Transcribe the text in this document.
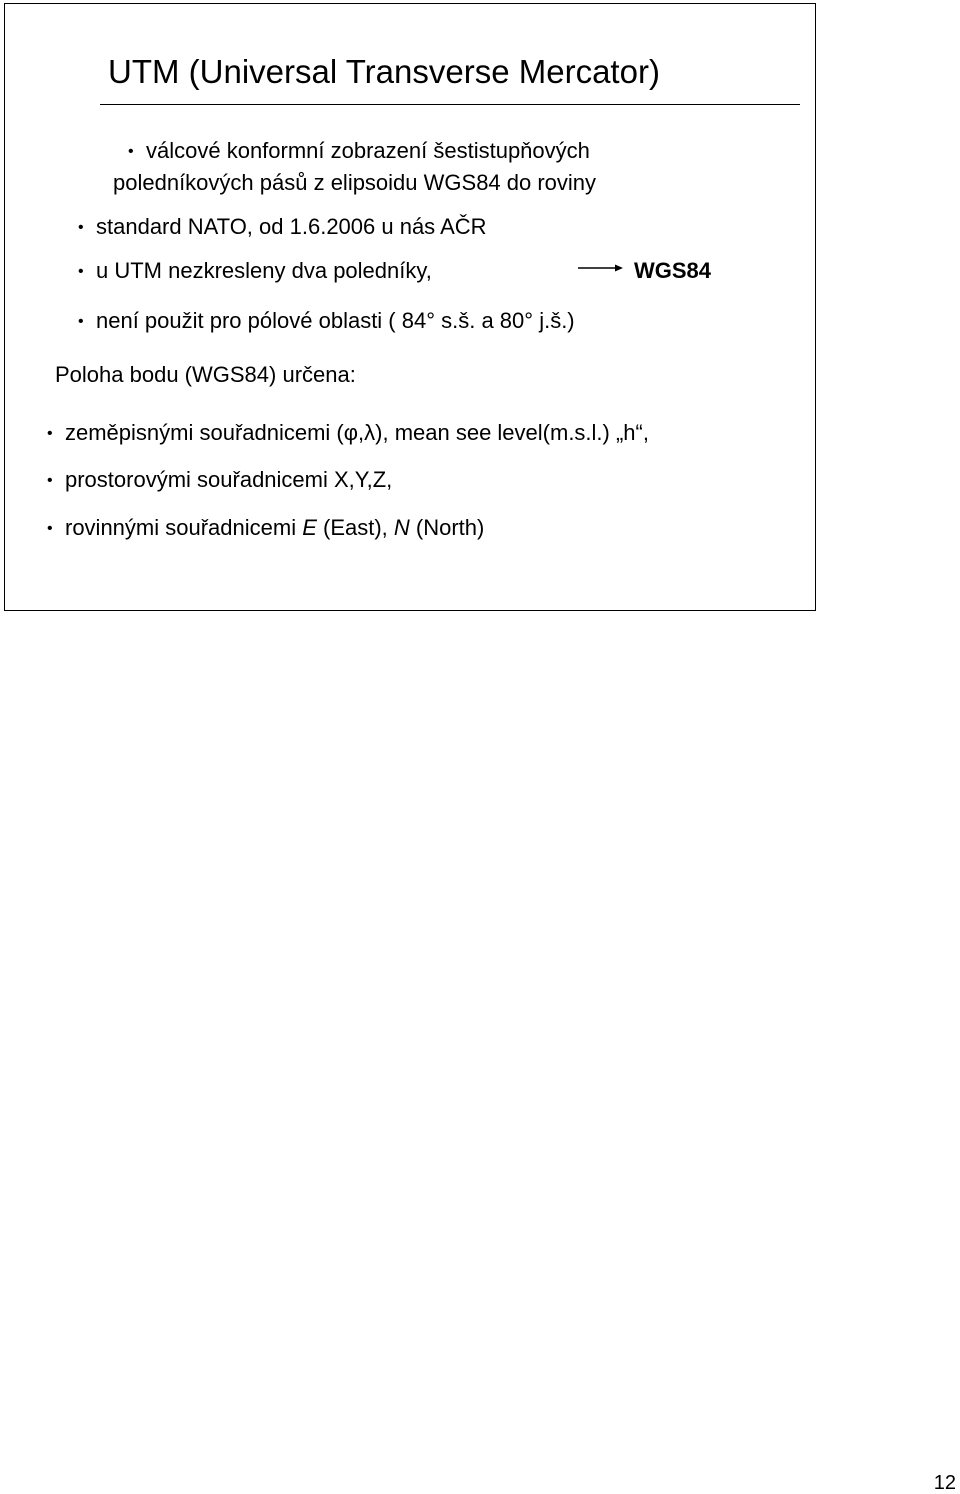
UTM (Universal Transverse Mercator)
•válcové konformní zobrazení šestistupňových
poledníkových pásů z elipsoidu WGS84 do roviny
•standard NATO, od 1.6.2006 u nás AČR
•u UTM nezkresleny dva poledníky,	WGS84
•není použit pro pólové oblasti ( 84° s.š. a 80° j.š.)
Poloha bodu (WGS84) určena:
•zeměpisnými souřadnicemi (φ,λ), mean see level(m.s.l.) „h“,
•prostorovými souřadnicemi X,Y,Z,
•rovinnými souřadnicemi E (East), N (North)
12
